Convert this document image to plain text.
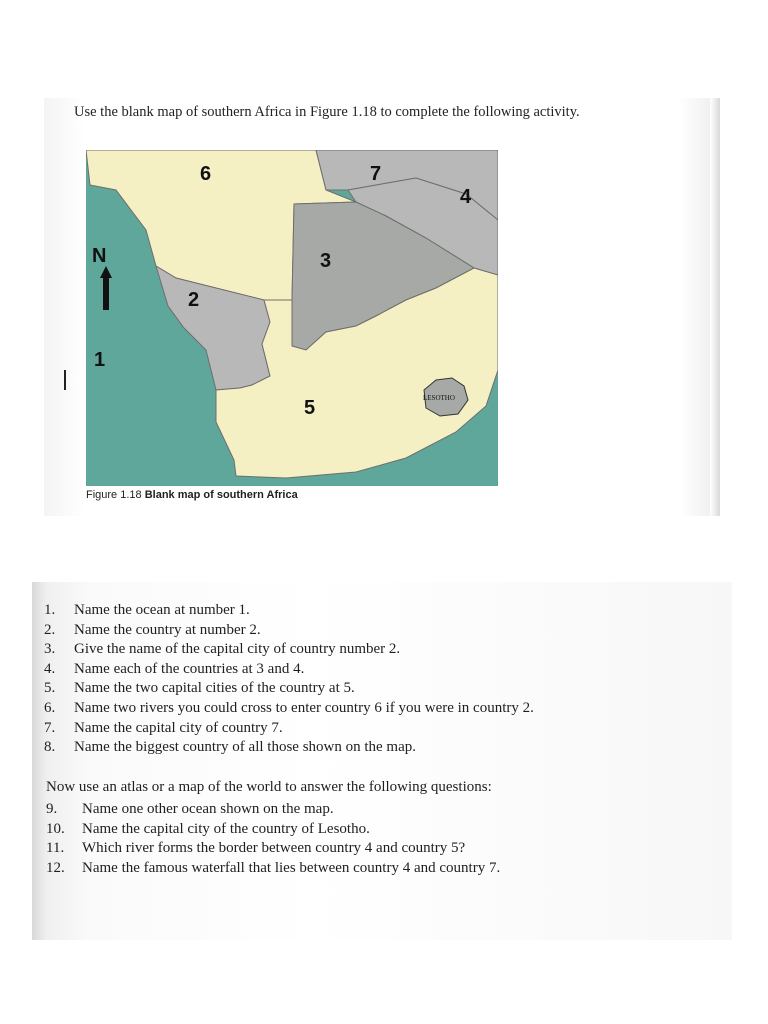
Use the blank map of southern Africa in Figure 1.18 to complete the following activity.
6	7
4
3
2
1
5
N
LESOTHO
Figure 1.18 Blank map of southern Africa
1. Name the ocean at number 1.
2. Name the country at number 2.
3. Give the name of the capital city of country number 2.
4. Name each of the countries at 3 and 4.
5. Name the two capital cities of the country at 5.
6. Name two rivers you could cross to enter country 6 if you were in country 2.
7. Name the capital city of country 7.
8. Name the biggest country of all those shown on the map.
Now use an atlas or a map of the world to answer the following questions:
9. Name one other ocean shown on the map.
10. Name the capital city of the country of Lesotho.
11. Which river forms the border between country 4 and country 5?
12. Name the famous waterfall that lies between country 4 and country 7.
